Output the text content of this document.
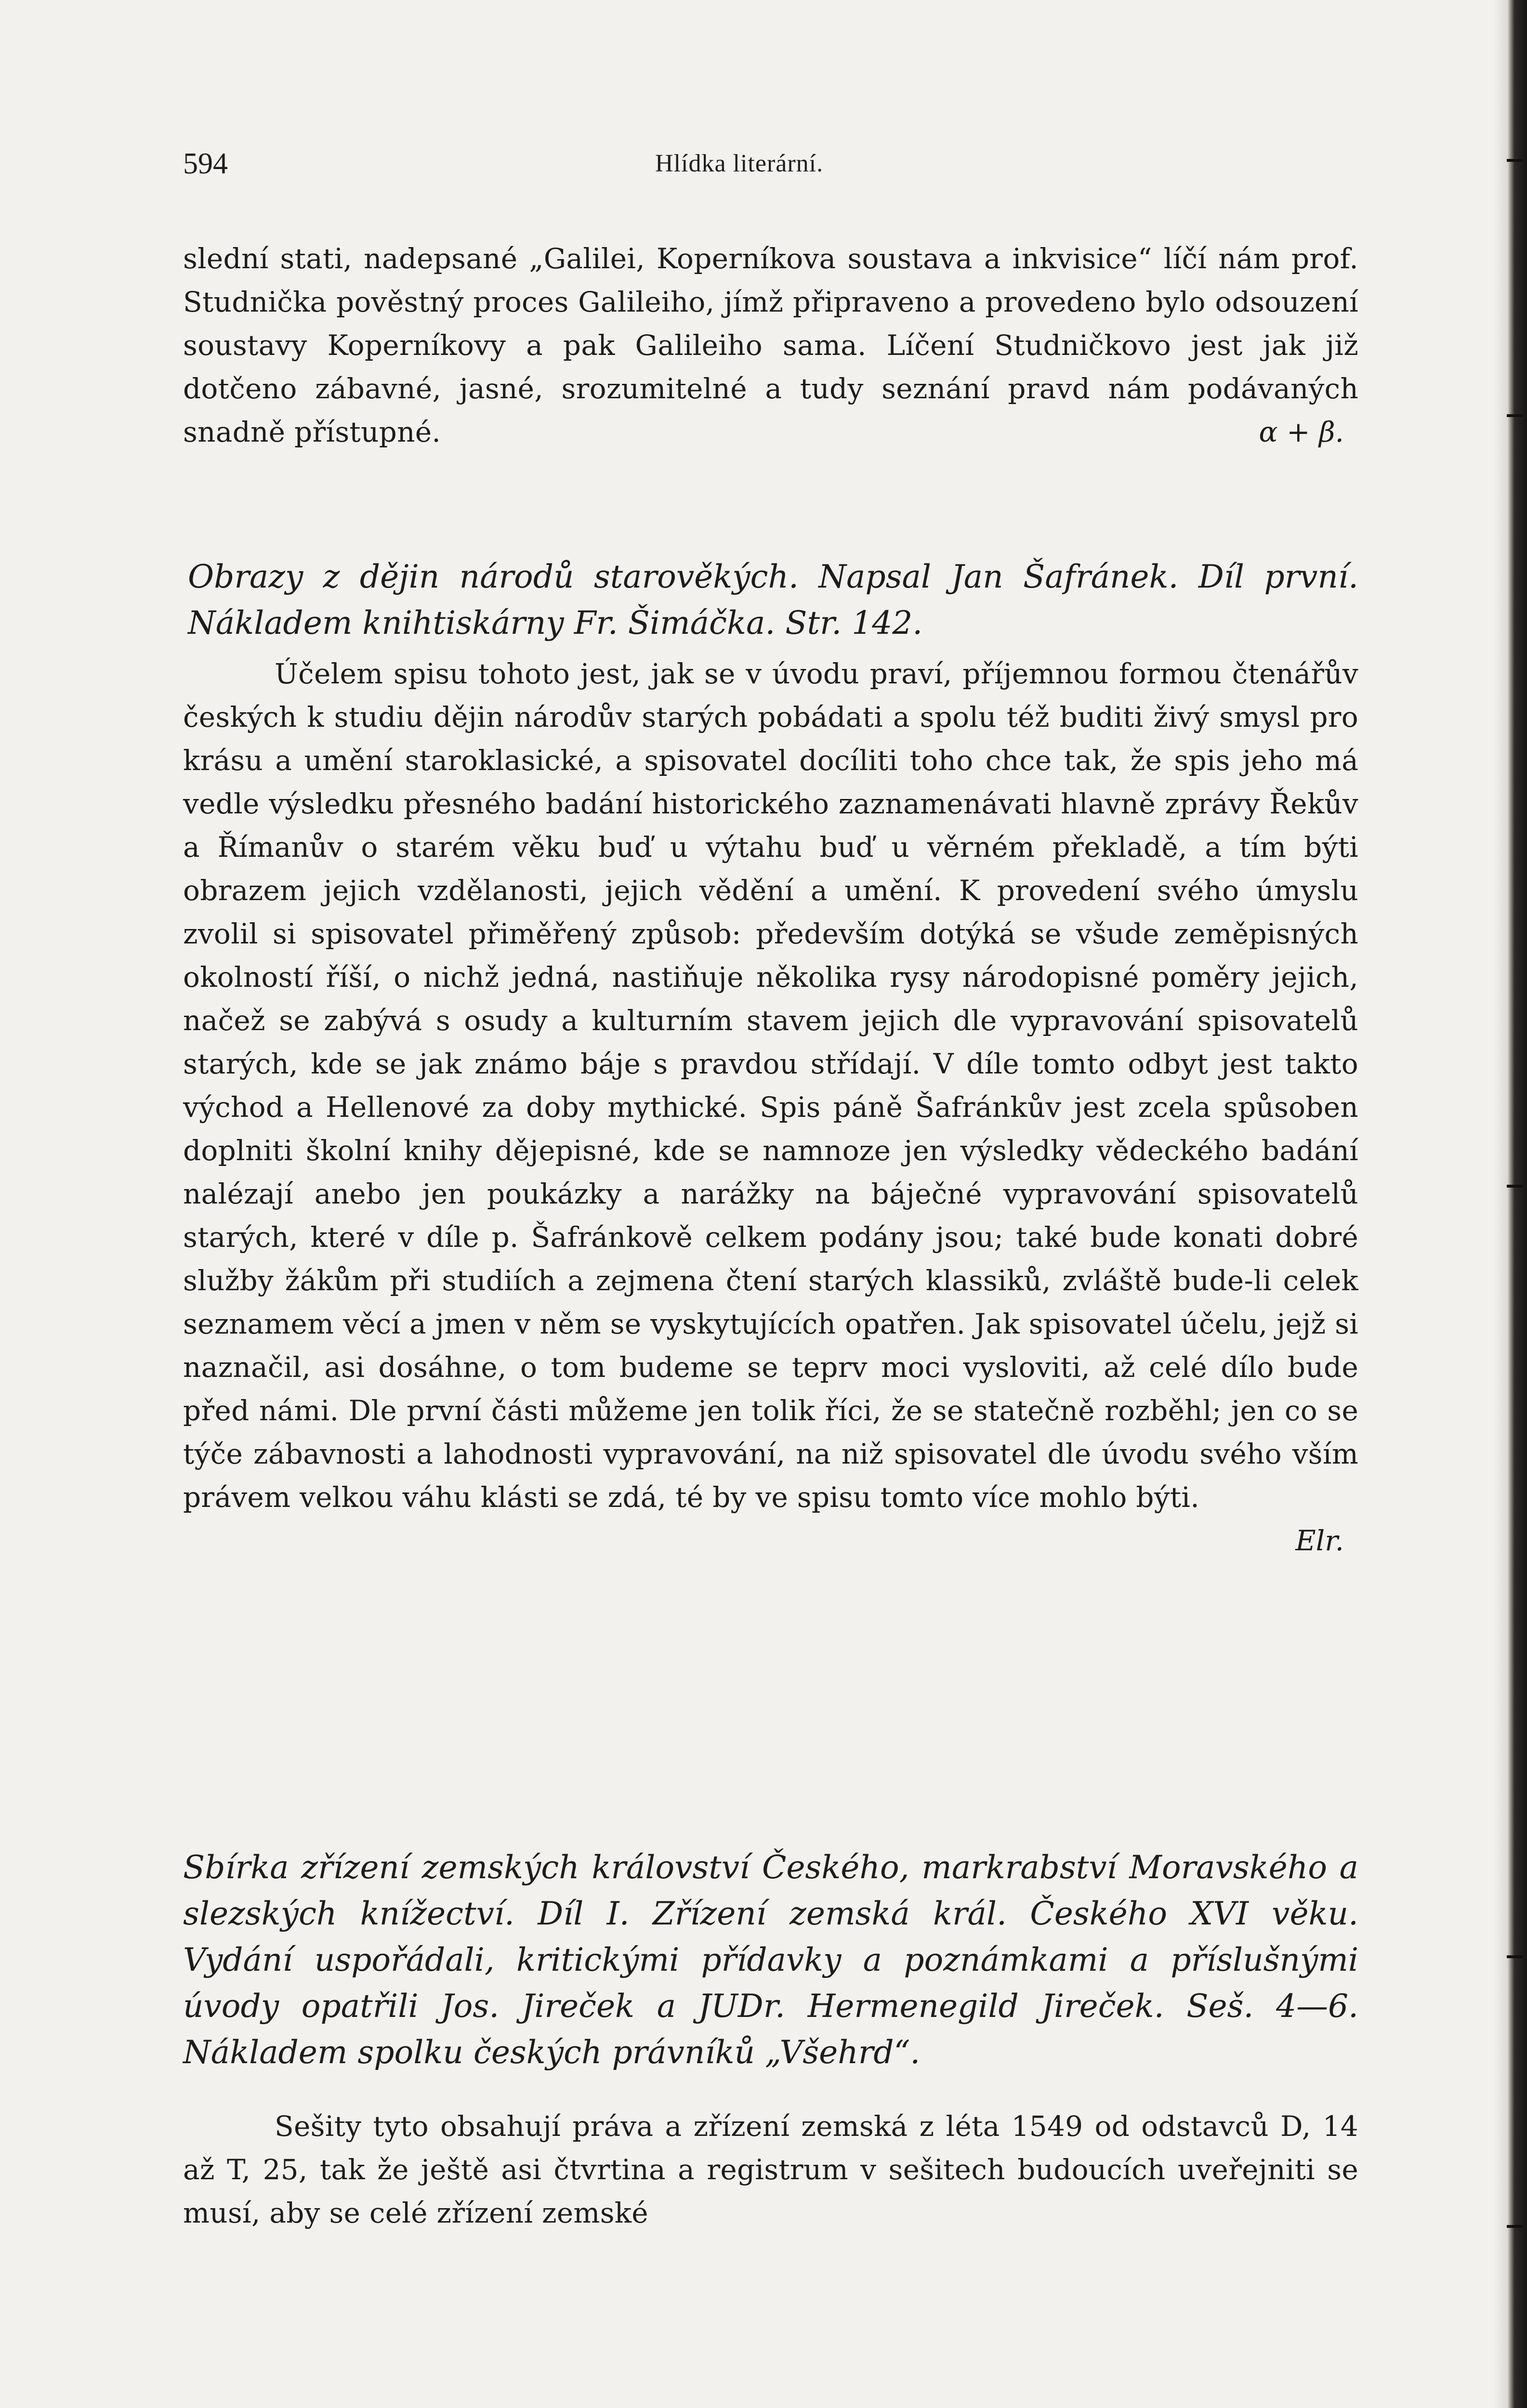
594	Hlídka literární.

slední stati, nadepsané „Galilei, Koperníkova soustava a inkvisice“ líčí nám prof. Studnička pověstný proces Galileiho, jímž připraveno a provedeno bylo odsouzení soustavy Koperníkovy a pak Galileiho sama. Líčení Studničkovo jest jak již dotčeno zábavné, jasné, srozumitelné a tudy seznání pravd nám podávaných snadně přístupné.	α + β.

Obrazy z dějin národů starověkých. Napsal Jan Šafránek. Díl první. Nákladem knihtiskárny Fr. Šimáčka. Str. 142.

Účelem spisu tohoto jest, jak se v úvodu praví, příjemnou formou čtenářův českých k studiu dějin národův starých pobádati a spolu též buditi živý smysl pro krásu a umění staroklasické, a spisovatel docíliti toho chce tak, že spis jeho má vedle výsledku přesného badání historického zaznamenávati hlavně zprávy Řekův a Římanův o starém věku buď u výtahu buď u věrném překladě, a tím býti obrazem jejich vzdělanosti, jejich vědění a umění. K provedení svého úmyslu zvolil si spisovatel přiměřený způsob: především dotýká se všude zeměpisných okolností říší, o nichž jedná, nastiňuje několika rysy národopisné poměry jejich, načež se zabývá s osudy a kulturním stavem jejich dle vypravování spisovatelů starých, kde se jak známo báje s pravdou střídají. V díle tomto odbyt jest takto východ a Hellenové za doby mythické. Spis páně Šafránkův jest zcela spůsoben doplniti školní knihy dějepisné, kde se namnoze jen výsledky vědeckého badání nalézají anebo jen poukázky a narážky na báječné vypravování spisovatelů starých, které v díle p. Šafránkově celkem podány jsou; také bude konati dobré služby žákům při studiích a zejmena čtení starých klassiků, zvláště bude-li celek seznamem věcí a jmen v něm se vyskytujících opatřen. Jak spisovatel účelu, jejž si naznačil, asi dosáhne, o tom budeme se teprv moci vysloviti, až celé dílo bude před námi. Dle první části můžeme jen tolik říci, že se statečně rozběhl; jen co se týče zábavnosti a lahodnosti vypravování, na niž spisovatel dle úvodu svého vším právem velkou váhu klásti se zdá, té by ve spisu tomto více mohlo býti.

Elr.

Sbírka zřízení zemských království Českého, markrabství Moravského a slezských knížectví. Díl I. Zřízení zemská král. Českého XVI věku. Vydání uspořádali, kritickými přídavky a poznámkami a příslušnými úvody opatřili Jos. Jireček a JUDr. Hermenegild Jireček. Seš. 4—6. Nákladem spolku českých právníků „Všehrd“.

Sešity tyto obsahují práva a zřízení zemská z léta 1549 od odstavců D, 14 až T, 25, tak že ještě asi čtvrtina a registrum v sešitech budoucích uveřejniti se musí, aby se celé zřízení zemské
